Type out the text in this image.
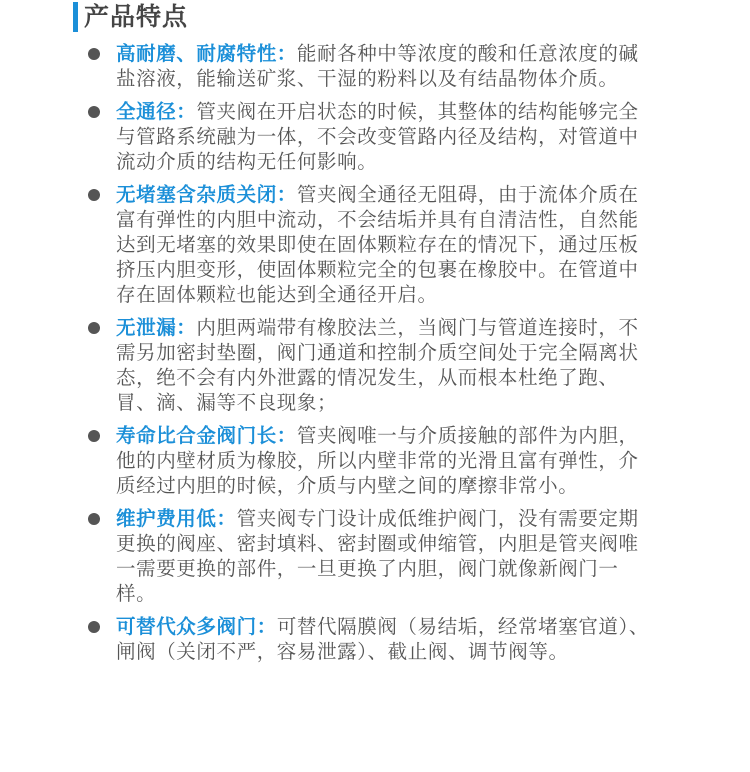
产品特点
高耐磨、耐腐特性：能耐各种中等浓度的酸和任意浓度的碱盐溶液，能输送矿浆、干湿的粉料以及有结晶物体介质。
全通径：管夹阀在开启状态的时候，其整体的结构能够完全与管路系统融为一体，不会改变管路内径及结构，对管道中流动介质的结构无任何影响。
无堵塞含杂质关闭：管夹阀全通径无阻碍，由于流体介质在富有弹性的内胆中流动，不会结垢并具有自清洁性，自然能达到无堵塞的效果即使在固体颗粒存在的情况下，通过压板挤压内胆变形，使固体颗粒完全的包裹在橡胶中。在管道中存在固体颗粒也能达到全通径开启。
无泄漏：内胆两端带有橡胶法兰，当阀门与管道连接时，不需另加密封垫圈，阀门通道和控制介质空间处于完全隔离状态，绝不会有内外泄露的情况发生，从而根本杜绝了跑、冒、滴、漏等不良现象；
寿命比合金阀门长：管夹阀唯一与介质接触的部件为内胆，他的内壁材质为橡胶，所以内壁非常的光滑且富有弹性，介质经过内胆的时候，介质与内壁之间的摩擦非常小。
维护费用低：管夹阀专门设计成低维护阀门，没有需要定期更换的阀座、密封填料、密封圈或伸缩管，内胆是管夹阀唯一需要更换的部件，一旦更换了内胆，阀门就像新阀门一样。
可替代众多阀门：可替代隔膜阀（易结垢，经常堵塞官道）、闸阀（关闭不严，容易泄露）、截止阀、调节阀等。
